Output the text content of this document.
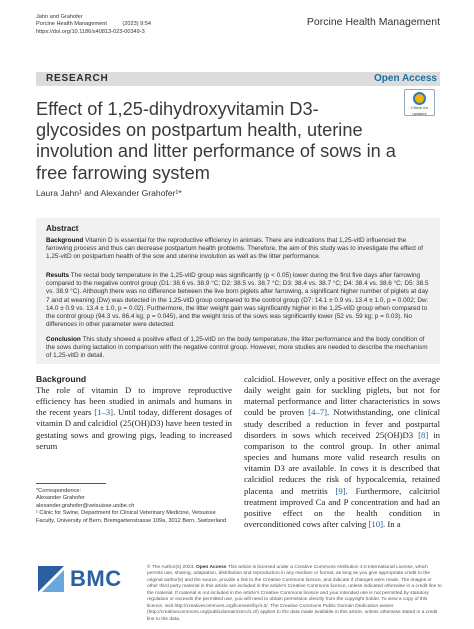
Jahn and Grahofer
Porcine Health Management          (2023) 9:54
https://doi.org/10.1186/s40813-023-00349-3
Porcine Health Management
RESEARCH	Open Access
Check for
updates
Effect of 1,25-dihydroxyvitamin D3-glycosides on postpartum health, uterine involution and litter performance of sows in a free farrowing system
Laura Jahn¹ and Alexander Grahofer¹*
Abstract
Background Vitamin D is essential for the reproductive efficiency in animals. There are indications that 1,25-vitD influenced the farrowing process and thus can decrease postpartum health problems. Therefore, the aim of this study was to investigate the effect of 1,25-vitD on postpartum health of the sow and uterine involution as well as the litter performance.
Results The rectal body temperature in the 1,25-vitD group was significantly (p < 0.05) lower during the first five days after farrowing compared to the negative control group (D1: 38.6 vs. 38.9 °C; D2: 38.5 vs. 38.7 °C; D3: 38.4 vs. 38.7 °C; D4: 38.4 vs. 38.6 °C; D5: 38.5 vs. 38.9 °C). Although there was no difference between the live born piglets after farrowing, a significant higher number of piglets at day 7 and at weaning (Dw) was detected in the 1,25-vitD group compared to the control group (D7: 14.1 ± 0.9 vs. 13.4 ± 1.0, p = 0.002; Dw: 14.0 ± 0.9 vs. 13.4 ± 1.0, p = 0.02). Furthermore, the litter weight gain was significantly higher in the 1,25-vitD group when compared to the control group (94.3 vs. 86.4 kg; p = 0.045), and the weight loss of the sows was significantly lower (52 vs. 59 kg; p = 0.03). No differences in other parameter were detected.
Conclusion This study showed a positive effect of 1,25-vitD on the body temperature, the litter performance and the body condition of the sows during lactation in comparison with the negative control group. However, more studies are needed to describe the mechanism of 1,25-vitD in detail.
Background
The role of vitamin D to improve reproductive efficiency has been studied in animals and humans in the recent years [1–3]. Until today, different dosages of vitamin D and calcidiol (25(OH)D3) have been tested in gestating sows and growing pigs, leading to increased serum
calcidiol. However, only a positive effect on the average daily weight gain for suckling piglets, but not for maternal performance and litter characteristics in sows could be proven [4–7]. Notwithstanding, one clinical study described a reduction in fever and postpartal disorders in sows which received 25(OH)D3 [8] in comparison to the control group. In other animal species and humans more valid research results on vitamin D3 are available. In cows it is described that calcidiol reduces the risk of hypocalcemia, retained placenta and metritis [9]. Furthermore, calcitriol treatment improved Ca and P concentration and had an positive effect on the health condition in overconditioned cows after calving [10]. In a
*Correspondence:
Alexander Grahofer
alexander.grahofer@vetsuisse.unibe.ch
¹ Clinic for Swine, Department for Clinical Veterinary Medicine, Vetsuisse Faculty, University of Bern, Bremgartenstrasse 109a, 3012 Bern, Switzerland
BMC	© The Author(s) 2023. Open Access This article is licensed under a Creative Commons Attribution 4.0 International License, which permits use, sharing, adaptation, distribution and reproduction in any medium or format, as long as you give appropriate credit to the original author(s) and the source, provide a link to the Creative Commons licence, and indicate if changes were made. The images or other third party material in this article are included in the article's Creative Commons licence, unless indicated otherwise in a credit line to the material. If material is not included in the article's Creative Commons licence and your intended use is not permitted by statutory regulation or exceeds the permitted use, you will need to obtain permission directly from the copyright holder. To view a copy of this licence, visit http://creativecommons.org/licenses/by/4.0/. The Creative Commons Public Domain Dedication waiver (http://creativecommons.org/publicdomain/zero/1.0/) applies to the data made available in this article, unless otherwise stated in a credit line to the data.
